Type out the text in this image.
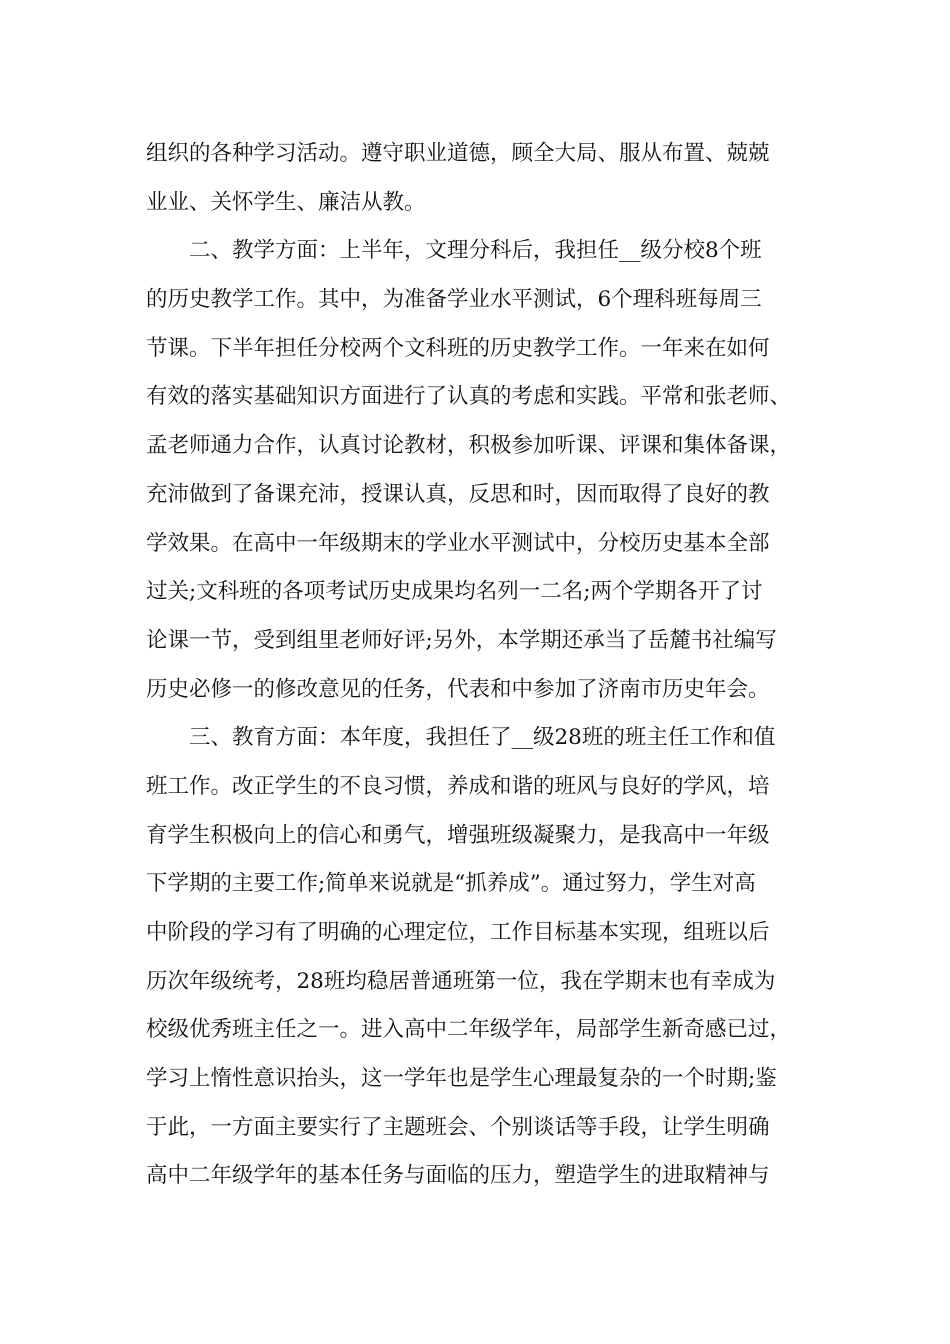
组织的各种学习活动。遵守职业道德，顾全大局、服从布置、兢兢
业业、关怀学生、廉洁从教。
二、教学方面：上半年，文理分科后，我担任__级分校8个班
的历史教学工作。其中，为准备学业水平测试，6个理科班每周三
节课。下半年担任分校两个文科班的历史教学工作。一年来在如何
有效的落实基础知识方面进行了认真的考虑和实践。平常和张老师、
孟老师通力合作，认真讨论教材，积极参加听课、评课和集体备课，
充沛做到了备课充沛，授课认真，反思和时，因而取得了良好的教
学效果。在高中一年级期末的学业水平测试中，分校历史基本全部
过关;文科班的各项考试历史成果均名列一二名;两个学期各开了讨
论课一节，受到组里老师好评;另外，本学期还承当了岳麓书社编写
历史必修一的修改意见的任务，代表和中参加了济南市历史年会。
三、教育方面：本年度，我担任了__级28班的班主任工作和值
班工作。改正学生的不良习惯，养成和谐的班风与良好的学风，培
育学生积极向上的信心和勇气，增强班级凝聚力，是我高中一年级
下学期的主要工作;简单来说就是“抓养成”。通过努力，学生对高
中阶段的学习有了明确的心理定位，工作目标基本实现，组班以后
历次年级统考，28班均稳居普通班第一位，我在学期末也有幸成为
校级优秀班主任之一。进入高中二年级学年，局部学生新奇感已过，
学习上惰性意识抬头，这一学年也是学生心理最复杂的一个时期;鉴
于此，一方面主要实行了主题班会、个别谈话等手段，让学生明确
高中二年级学年的基本任务与面临的压力，塑造学生的进取精神与
